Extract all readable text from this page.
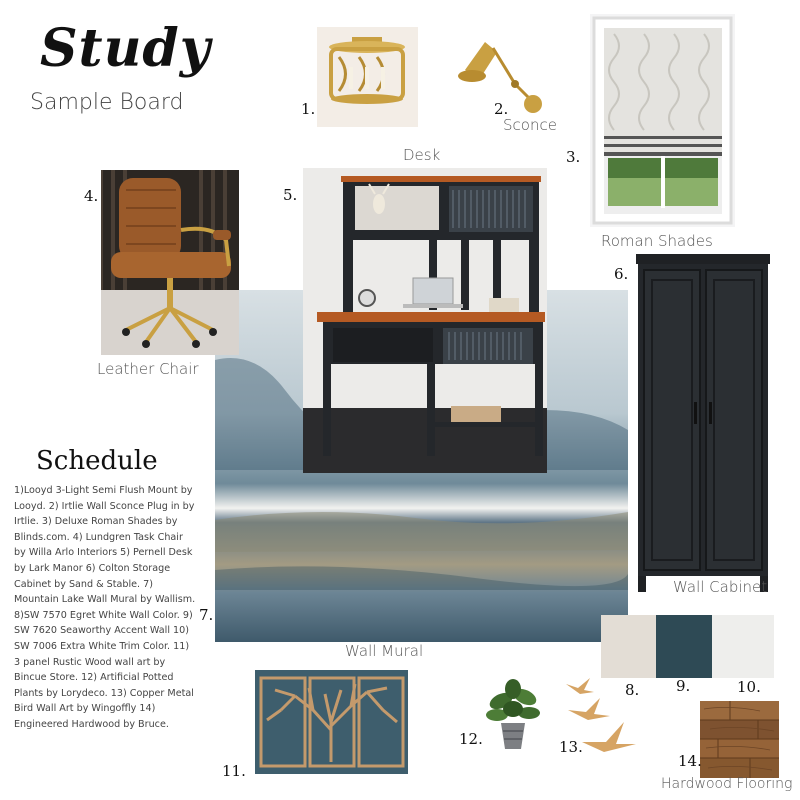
Study
Sample Board	1.	2.
Sconce
3.
Roman Shades
4.
Leather Chair
Desk
5.
6.
Wall Cabinet
7.
Wall Mural
Schedule
1)Looyd 3-Light Semi Flush Mount by Looyd. 2) Irtlie Wall Sconce Plug in by Irtlie. 3) Deluxe Roman Shades by Blinds.com. 4) Lundgren Task Chair by Willa Arlo Interiors 5) Pernell Desk by Lark Manor 6) Colton Storage Cabinet by Sand & Stable. 7) Mountain Lake Wall Mural by Wallism. 8)SW 7570 Egret White Wall Color. 9) SW 7620 Seaworthy Accent Wall 10) SW 7006 Extra White Trim Color. 11) 3 panel Rustic Wood wall art by Bincue Store. 12) Artificial Potted Plants by Lorydeco. 13) Copper Metal Bird Wall Art by Wingoffly 14) Engineered Hardwood by Bruce.
8. 9.	10.
11.
12.	13.
14.
Hardwood Flooring
